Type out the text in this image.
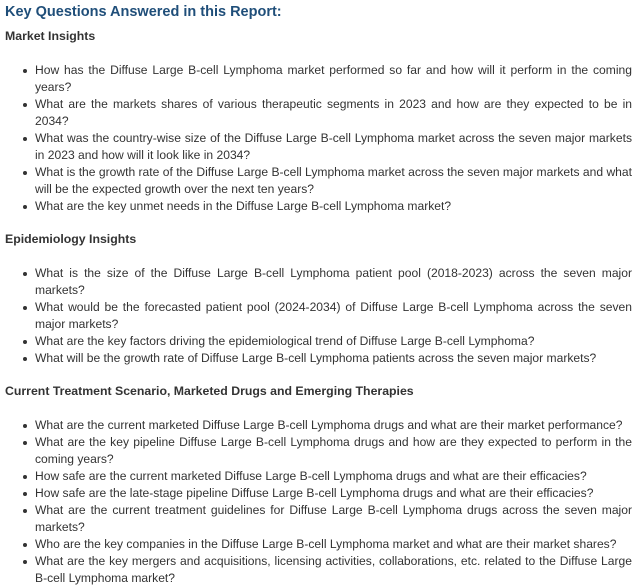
Key Questions Answered in this Report:
Market Insights
How has the Diffuse Large B-cell Lymphoma market performed so far and how will it perform in the coming years?
What are the markets shares of various therapeutic segments in 2023 and how are they expected to be in 2034?
What was the country-wise size of the Diffuse Large B-cell Lymphoma market across the seven major markets in 2023 and how will it look like in 2034?
What is the growth rate of the Diffuse Large B-cell Lymphoma market across the seven major markets and what will be the expected growth over the next ten years?
What are the key unmet needs in the Diffuse Large B-cell Lymphoma market?
Epidemiology Insights
What is the size of the Diffuse Large B-cell Lymphoma patient pool (2018-2023) across the seven major markets?
What would be the forecasted patient pool (2024-2034) of Diffuse Large B-cell Lymphoma across the seven major markets?
What are the key factors driving the epidemiological trend of Diffuse Large B-cell Lymphoma?
What will be the growth rate of Diffuse Large B-cell Lymphoma patients across the seven major markets?
Current Treatment Scenario, Marketed Drugs and Emerging Therapies
What are the current marketed Diffuse Large B-cell Lymphoma drugs and what are their market performance?
What are the key pipeline Diffuse Large B-cell Lymphoma drugs and how are they expected to perform in the coming years?
How safe are the current marketed Diffuse Large B-cell Lymphoma drugs and what are their efficacies?
How safe are the late-stage pipeline Diffuse Large B-cell Lymphoma drugs and what are their efficacies?
What are the current treatment guidelines for Diffuse Large B-cell Lymphoma drugs across the seven major markets?
Who are the key companies in the Diffuse Large B-cell Lymphoma market and what are their market shares?
What are the key mergers and acquisitions, licensing activities, collaborations, etc. related to the Diffuse Large B-cell Lymphoma market?
